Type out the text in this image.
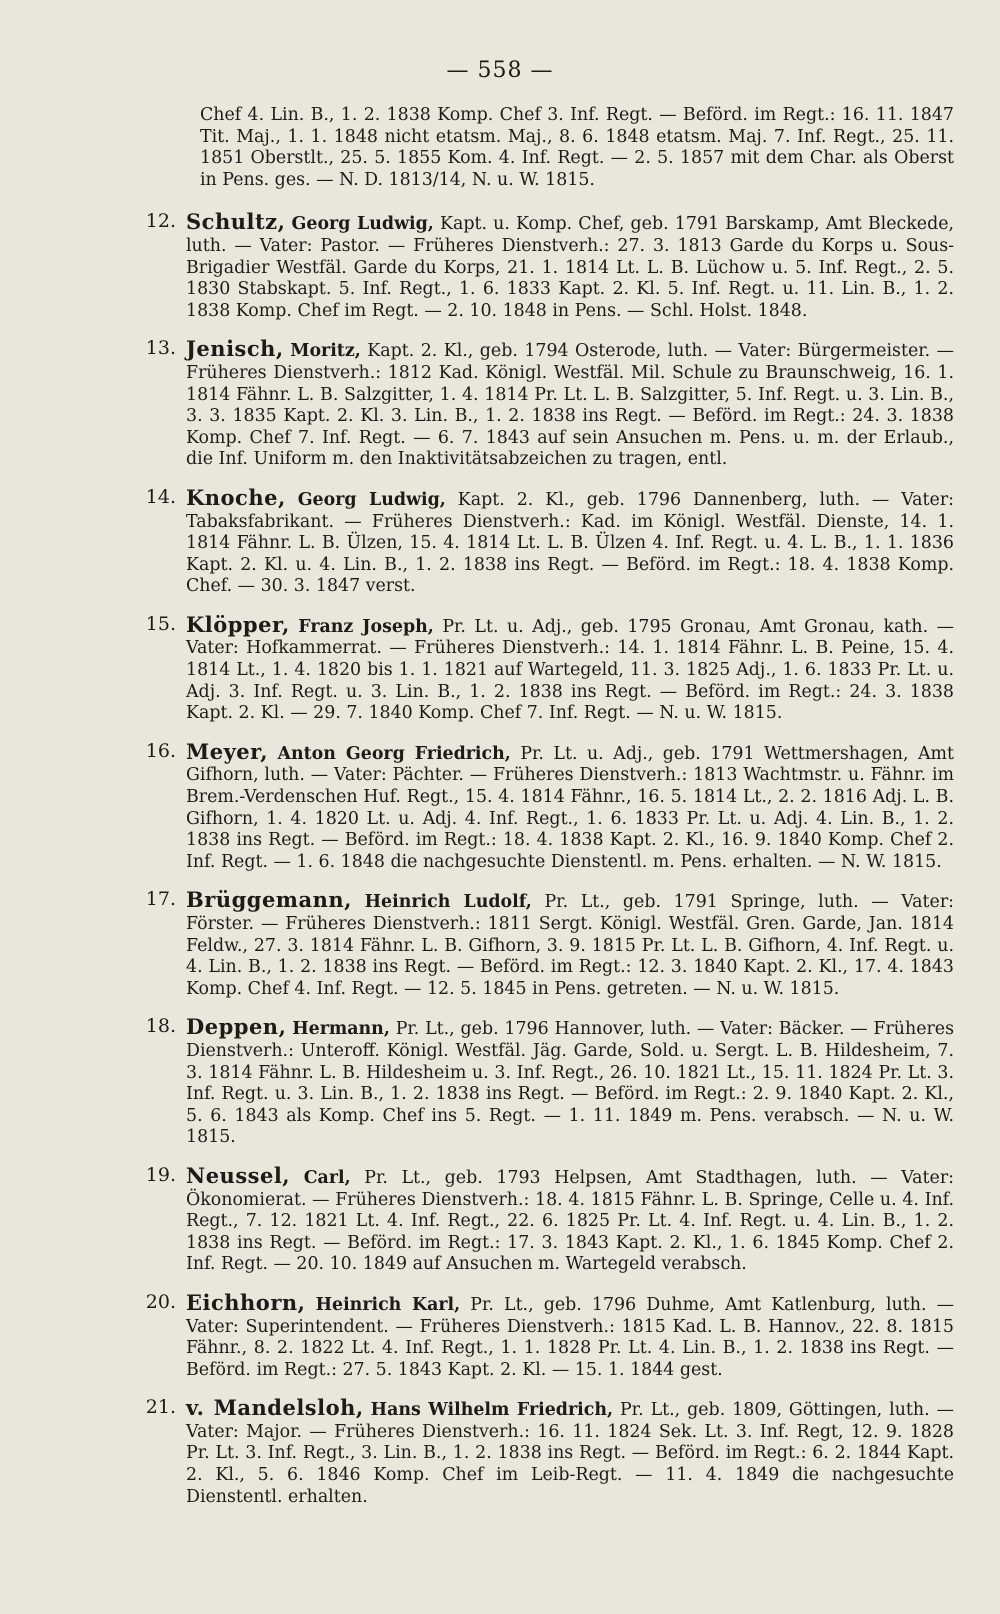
— 558 —

Chef 4. Lin. B., 1. 2. 1838 Komp. Chef 3. Inf. Regt. — Beförd. im Regt.: 16. 11. 1847 Tit. Maj., 1. 1. 1848 nicht etatsm. Maj., 8. 6. 1848 etatsm. Maj. 7. Inf. Regt., 25. 11. 1851 Oberstlt., 25. 5. 1855 Kom. 4. Inf. Regt. — 2. 5. 1857 mit dem Char. als Oberst in Pens. ges. — N. D. 1813/14, N. u. W. 1815.

12. Schultz, Georg Ludwig, Kapt. u. Komp. Chef, geb. 1791 Barskamp, Amt Bleckede, luth. — Vater: Pastor. — Früheres Dienstverh.: 27. 3. 1813 Garde du Korps u. Sous-Brigadier Westfäl. Garde du Korps, 21. 1. 1814 Lt. L. B. Lüchow u. 5. Inf. Regt., 2. 5. 1830 Stabskapt. 5. Inf. Regt., 1. 6. 1833 Kapt. 2. Kl. 5. Inf. Regt. u. 11. Lin. B., 1. 2. 1838 Komp. Chef im Regt. — 2. 10. 1848 in Pens. — Schl. Holst. 1848.

13. Jenisch, Moritz, Kapt. 2. Kl., geb. 1794 Osterode, luth. — Vater: Bürgermeister. — Früheres Dienstverh.: 1812 Kad. Königl. Westfäl. Mil. Schule zu Braunschweig, 16. 1. 1814 Fähnr. L. B. Salzgitter, 1. 4. 1814 Pr. Lt. L. B. Salzgitter, 5. Inf. Regt. u. 3. Lin. B., 3. 3. 1835 Kapt. 2. Kl. 3. Lin. B., 1. 2. 1838 ins Regt. — Beförd. im Regt.: 24. 3. 1838 Komp. Chef 7. Inf. Regt. — 6. 7. 1843 auf sein Ansuchen m. Pens. u. m. der Erlaub., die Inf. Uniform m. den Inaktivitätsabzeichen zu tragen, entl.

14. Knoche, Georg Ludwig, Kapt. 2. Kl., geb. 1796 Dannenberg, luth. — Vater: Tabaksfabrikant. — Früheres Dienstverh.: Kad. im Königl. Westfäl. Dienste, 14. 1. 1814 Fähnr. L. B. Ülzen, 15. 4. 1814 Lt. L. B. Ülzen 4. Inf. Regt. u. 4. L. B., 1. 1. 1836 Kapt. 2. Kl. u. 4. Lin. B., 1. 2. 1838 ins Regt. — Beförd. im Regt.: 18. 4. 1838 Komp. Chef. — 30. 3. 1847 verst.

15. Klöpper, Franz Joseph, Pr. Lt. u. Adj., geb. 1795 Gronau, Amt Gronau, kath. — Vater: Hofkammerrat. — Früheres Dienstverh.: 14. 1. 1814 Fähnr. L. B. Peine, 15. 4. 1814 Lt., 1. 4. 1820 bis 1. 1. 1821 auf Wartegeld, 11. 3. 1825 Adj., 1. 6. 1833 Pr. Lt. u. Adj. 3. Inf. Regt. u. 3. Lin. B., 1. 2. 1838 ins Regt. — Beförd. im Regt.: 24. 3. 1838 Kapt. 2. Kl. — 29. 7. 1840 Komp. Chef 7. Inf. Regt. — N. u. W. 1815.

16. Meyer, Anton Georg Friedrich, Pr. Lt. u. Adj., geb. 1791 Wettmershagen, Amt Gifhorn, luth. — Vater: Pächter. — Früheres Dienstverh.: 1813 Wachtmstr. u. Fähnr. im Brem.-Verdenschen Huf. Regt., 15. 4. 1814 Fähnr., 16. 5. 1814 Lt., 2. 2. 1816 Adj. L. B. Gifhorn, 1. 4. 1820 Lt. u. Adj. 4. Inf. Regt., 1. 6. 1833 Pr. Lt. u. Adj. 4. Lin. B., 1. 2. 1838 ins Regt. — Beförd. im Regt.: 18. 4. 1838 Kapt. 2. Kl., 16. 9. 1840 Komp. Chef 2. Inf. Regt. — 1. 6. 1848 die nachgesuchte Dienstentl. m. Pens. erhalten. — N. W. 1815.

17. Brüggemann, Heinrich Ludolf, Pr. Lt., geb. 1791 Springe, luth. — Vater: Förster. — Früheres Dienstverh.: 1811 Sergt. Königl. Westfäl. Gren. Garde, Jan. 1814 Feldw., 27. 3. 1814 Fähnr. L. B. Gifhorn, 3. 9. 1815 Pr. Lt. L. B. Gifhorn, 4. Inf. Regt. u. 4. Lin. B., 1. 2. 1838 ins Regt. — Beförd. im Regt.: 12. 3. 1840 Kapt. 2. Kl., 17. 4. 1843 Komp. Chef 4. Inf. Regt. — 12. 5. 1845 in Pens. getreten. — N. u. W. 1815.

18. Deppen, Hermann, Pr. Lt., geb. 1796 Hannover, luth. — Vater: Bäcker. — Früheres Dienstverh.: Unteroff. Königl. Westfäl. Jäg. Garde, Sold. u. Sergt. L. B. Hildesheim, 7. 3. 1814 Fähnr. L. B. Hildesheim u. 3. Inf. Regt., 26. 10. 1821 Lt., 15. 11. 1824 Pr. Lt. 3. Inf. Regt. u. 3. Lin. B., 1. 2. 1838 ins Regt. — Beförd. im Regt.: 2. 9. 1840 Kapt. 2. Kl., 5. 6. 1843 als Komp. Chef ins 5. Regt. — 1. 11. 1849 m. Pens. verabsch. — N. u. W. 1815.

19. Neussel, Carl, Pr. Lt., geb. 1793 Helpsen, Amt Stadthagen, luth. — Vater: Ökonomierat. — Früheres Dienstverh.: 18. 4. 1815 Fähnr. L. B. Springe, Celle u. 4. Inf. Regt., 7. 12. 1821 Lt. 4. Inf. Regt., 22. 6. 1825 Pr. Lt. 4. Inf. Regt. u. 4. Lin. B., 1. 2. 1838 ins Regt. — Beförd. im Regt.: 17. 3. 1843 Kapt. 2. Kl., 1. 6. 1845 Komp. Chef 2. Inf. Regt. — 20. 10. 1849 auf Ansuchen m. Wartegeld verabsch.

20. Eichhorn, Heinrich Karl, Pr. Lt., geb. 1796 Duhme, Amt Katlenburg, luth. — Vater: Superintendent. — Früheres Dienstverh.: 1815 Kad. L. B. Hannov., 22. 8. 1815 Fähnr., 8. 2. 1822 Lt. 4. Inf. Regt., 1. 1. 1828 Pr. Lt. 4. Lin. B., 1. 2. 1838 ins Regt. — Beförd. im Regt.: 27. 5. 1843 Kapt. 2. Kl. — 15. 1. 1844 gest.

21. v. Mandelsloh, Hans Wilhelm Friedrich, Pr. Lt., geb. 1809, Göttingen, luth. — Vater: Major. — Früheres Dienstverh.: 16. 11. 1824 Sek. Lt. 3. Inf. Regt, 12. 9. 1828 Pr. Lt. 3. Inf. Regt., 3. Lin. B., 1. 2. 1838 ins Regt. — Beförd. im Regt.: 6. 2. 1844 Kapt. 2. Kl., 5. 6. 1846 Komp. Chef im Leib-Regt. — 11. 4. 1849 die nachgesuchte Dienstentl. erhalten.
